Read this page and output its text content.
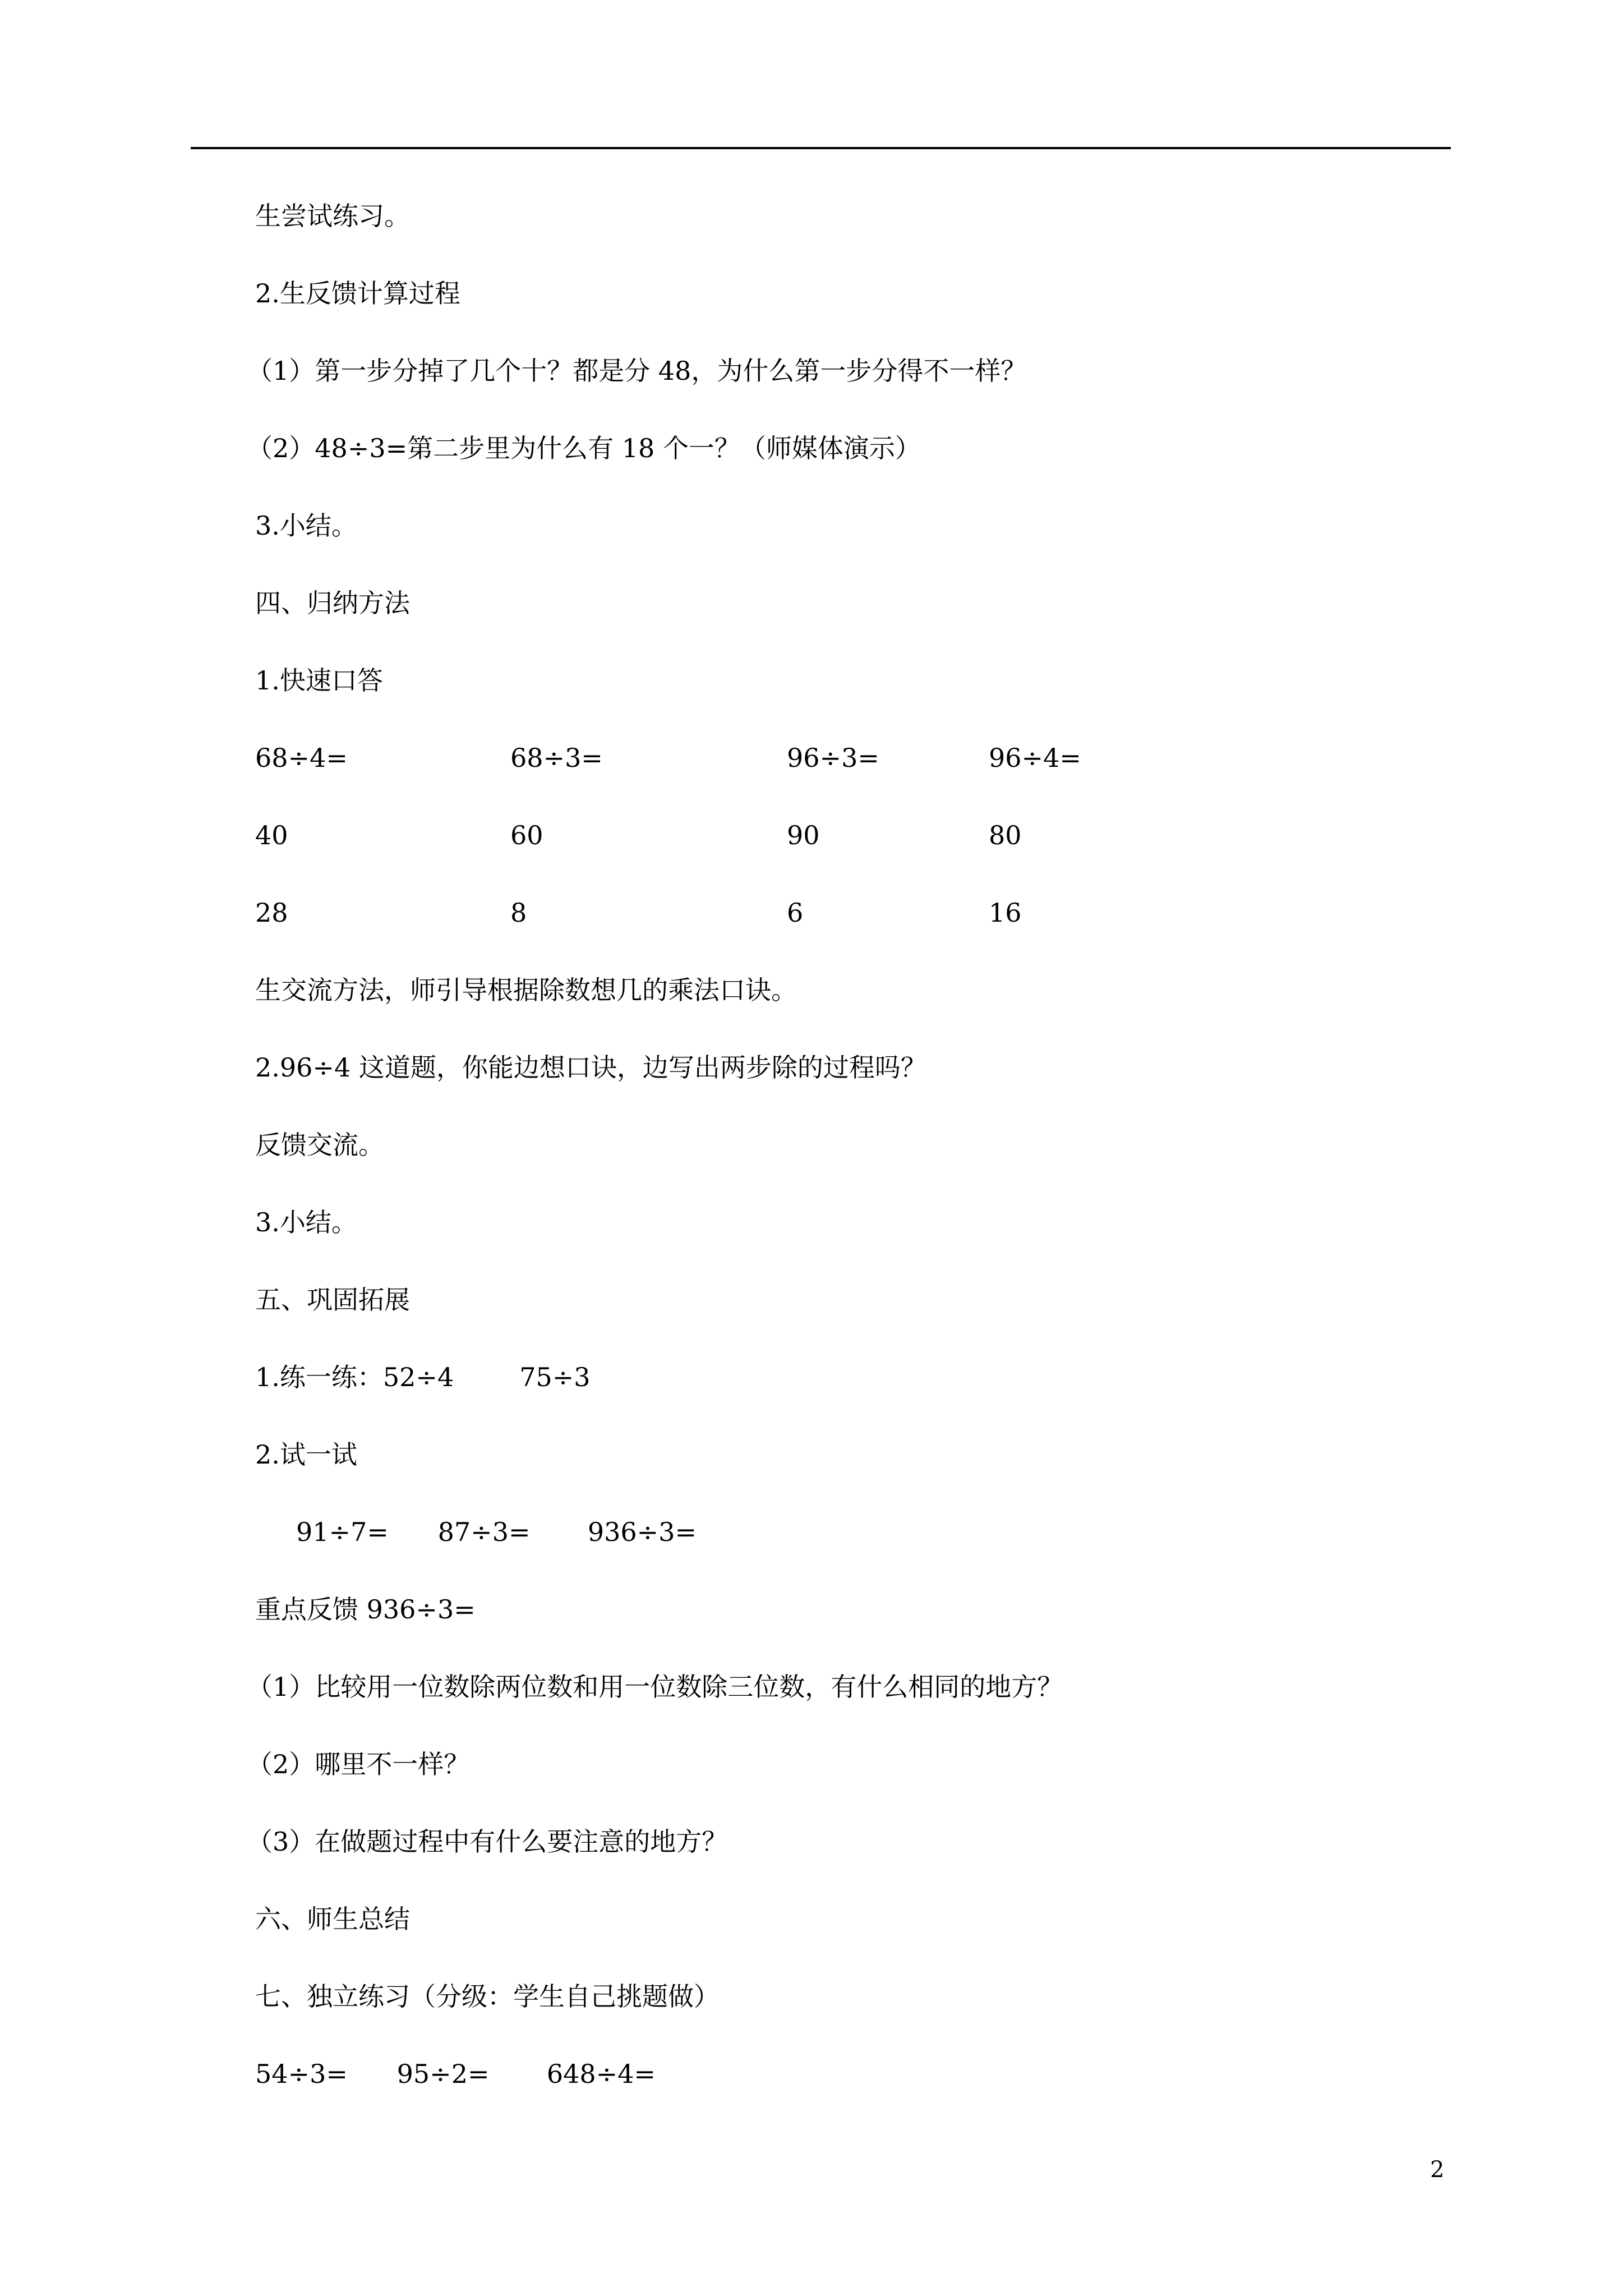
生尝试练习。
2.生反馈计算过程
（1）第一步分掉了几个十？都是分 48，为什么第一步分得不一样？
（2）48÷3=第二步里为什么有 18 个一？（师媒体演示）
3.小结。
四、归纳方法
1.快速口答
68÷4=	68÷3=	96÷3=	96÷4=
40	60	90	80
28	8	6	16
生交流方法，师引导根据除数想几的乘法口诀。
2.96÷4 这道题，你能边想口诀，边写出两步除的过程吗？
反馈交流。
3.小结。
五、巩固拓展
1.练一练：52÷4        75÷3
2.试一试
91÷7=      87÷3=       936÷3=
重点反馈 936÷3=
（1）比较用一位数除两位数和用一位数除三位数，有什么相同的地方？
（2）哪里不一样？
（3）在做题过程中有什么要注意的地方？
六、师生总结
七、独立练习（分级：学生自己挑题做）
54÷3=      95÷2=       648÷4=
2
